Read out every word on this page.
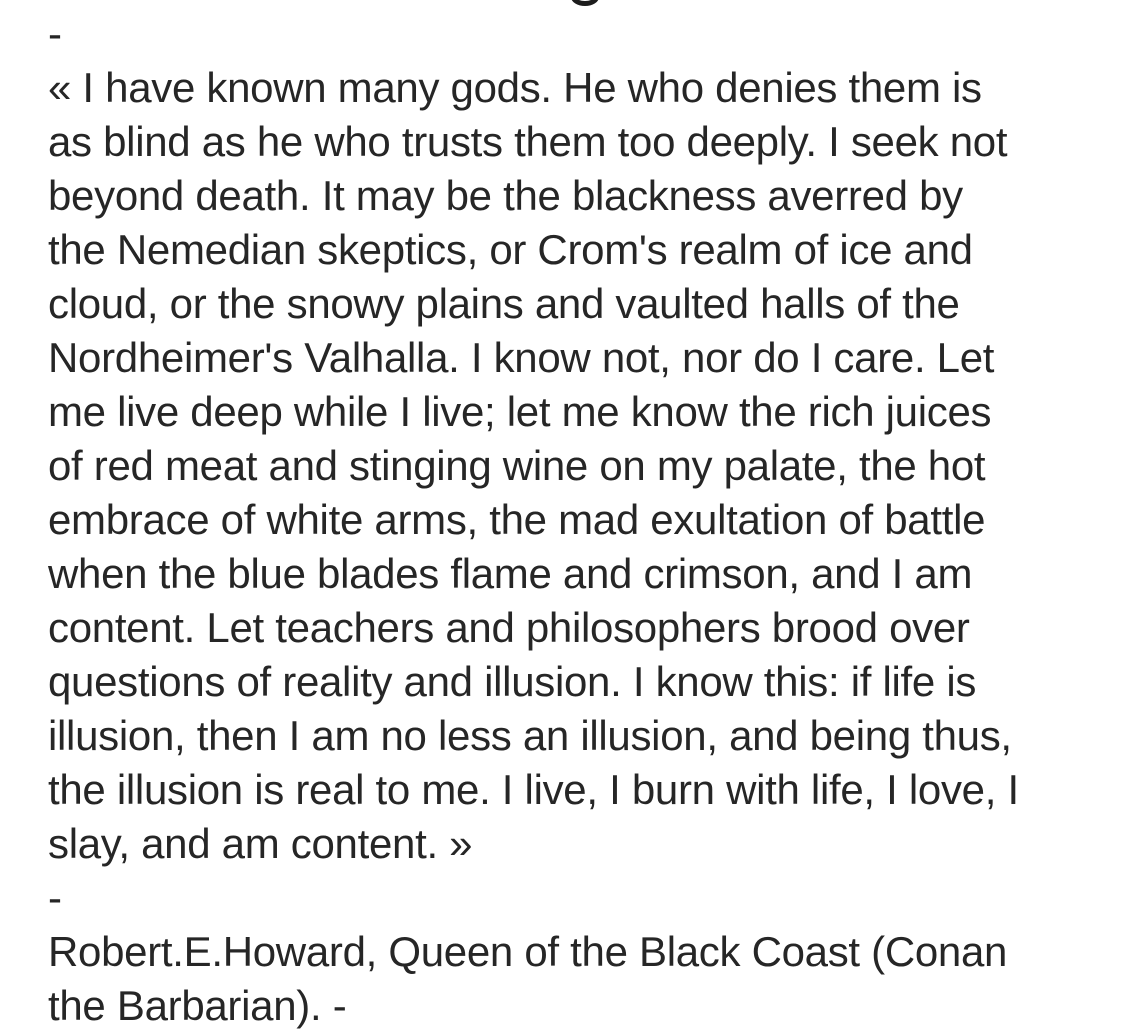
-
« I have known many gods. He who denies them is
as blind as he who trusts them too deeply. I seek not
beyond death. It may be the blackness averred by
the Nemedian skeptics, or Crom's realm of ice and
cloud, or the snowy plains and vaulted halls of the
Nordheimer's Valhalla. I know not, nor do I care. Let
me live deep while I live; let me know the rich juices
of red meat and stinging wine on my palate, the hot
embrace of white arms, the mad exultation of battle
when the blue blades flame and crimson, and I am
content. Let teachers and philosophers brood over
questions of reality and illusion. I know this: if life is
illusion, then I am no less an illusion, and being thus,
the illusion is real to me. I live, I burn with life, I love, I
slay, and am content. »
-
Robert.E.Howard, Queen of the Black Coast (Conan
the Barbarian). -
